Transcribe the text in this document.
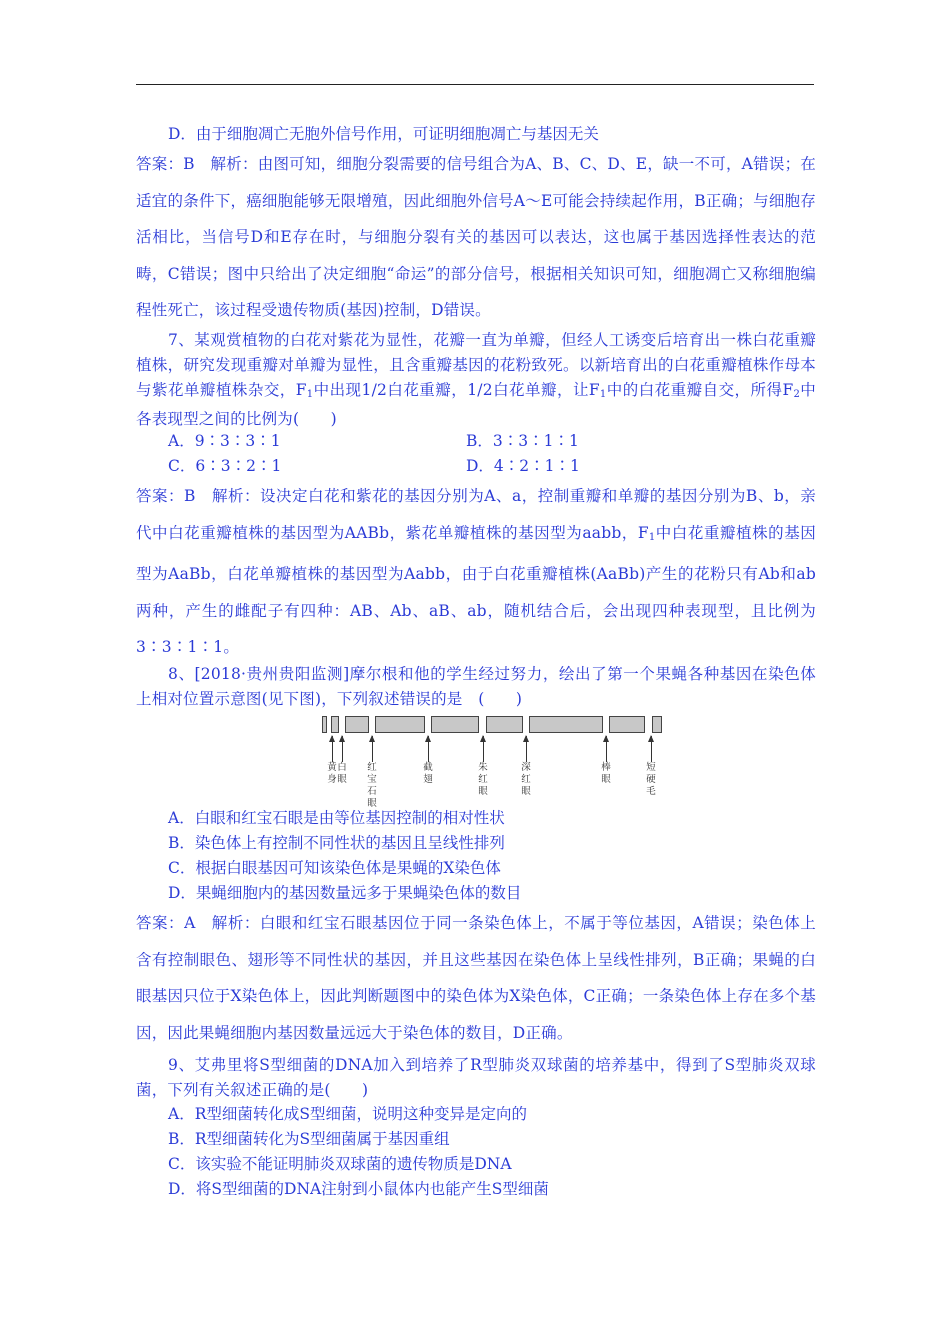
D．由于细胞凋亡无胞外信号作用，可证明细胞凋亡与基因无关
答案：B　解析：由图可知，细胞分裂需要的信号组合为A、B、C、D、E，缺一不可，A错误；在适宜的条件下，癌细胞能够无限增殖，因此细胞外信号A～E可能会持续起作用，B正确；与细胞存活相比，当信号D和E存在时，与细胞分裂有关的基因可以表达，这也属于基因选择性表达的范畴，C错误；图中只给出了决定细胞“命运”的部分信号，根据相关知识可知，细胞凋亡又称细胞编程性死亡，该过程受遗传物质(基因)控制，D错误。
7、某观赏植物的白花对紫花为显性，花瓣一直为单瓣，但经人工诱变后培育出一株白花重瓣植株，研究发现重瓣对单瓣为显性，且含重瓣基因的花粉致死。以新培育出的白花重瓣植株作母本与紫花单瓣植株杂交，$F_1$中出现1/2白花重瓣，1/2白花单瓣，让$F_1$中的白花重瓣自交，所得$F_2$中各表现型之间的比例为(　　)
A．9∶3∶3∶1	B．3∶3∶1∶1
C．6∶3∶2∶1	D．4∶2∶1∶1
答案：B　解析：设决定白花和紫花的基因分别为A、a，控制重瓣和单瓣的基因分别为B、b，亲代中白花重瓣植株的基因型为AABb，紫花单瓣植株的基因型为aabb，$F_1$中白花重瓣植株的基因型为AaBb，白花单瓣植株的基因型为Aabb，由于白花重瓣植株(AaBb)产生的花粉只有Ab和ab两种，产生的雌配子有四种：AB、Ab、aB、ab，随机结合后，会出现四种表现型，且比例为3∶3∶1∶1。
8、[2018·贵州贵阳监测]摩尔根和他的学生经过努力，绘出了第一个果蝇各种基因在染色体上相对位置示意图(见下图)，下列叙述错误的是　(　　)
黄身
白眼
红宝石眼
截翅
朱红眼
深红眼
棒眼
短硬毛
A．白眼和红宝石眼是由等位基因控制的相对性状
B．染色体上有控制不同性状的基因且呈线性排列
C．根据白眼基因可知该染色体是果蝇的X染色体
D．果蝇细胞内的基因数量远多于果蝇染色体的数目
答案：A　解析：白眼和红宝石眼基因位于同一条染色体上，不属于等位基因，A错误；染色体上含有控制眼色、翅形等不同性状的基因，并且这些基因在染色体上呈线性排列，B正确；果蝇的白眼基因只位于X染色体上，因此判断题图中的染色体为X染色体，C正确；一条染色体上存在多个基因，因此果蝇细胞内基因数量远远大于染色体的数目，D正确。
9、艾弗里将S型细菌的DNA加入到培养了R型肺炎双球菌的培养基中，得到了S型肺炎双球菌，下列有关叙述正确的是(　　)
A．R型细菌转化成S型细菌，说明这种变异是定向的
B．R型细菌转化为S型细菌属于基因重组
C．该实验不能证明肺炎双球菌的遗传物质是DNA
D．将S型细菌的DNA注射到小鼠体内也能产生S型细菌
